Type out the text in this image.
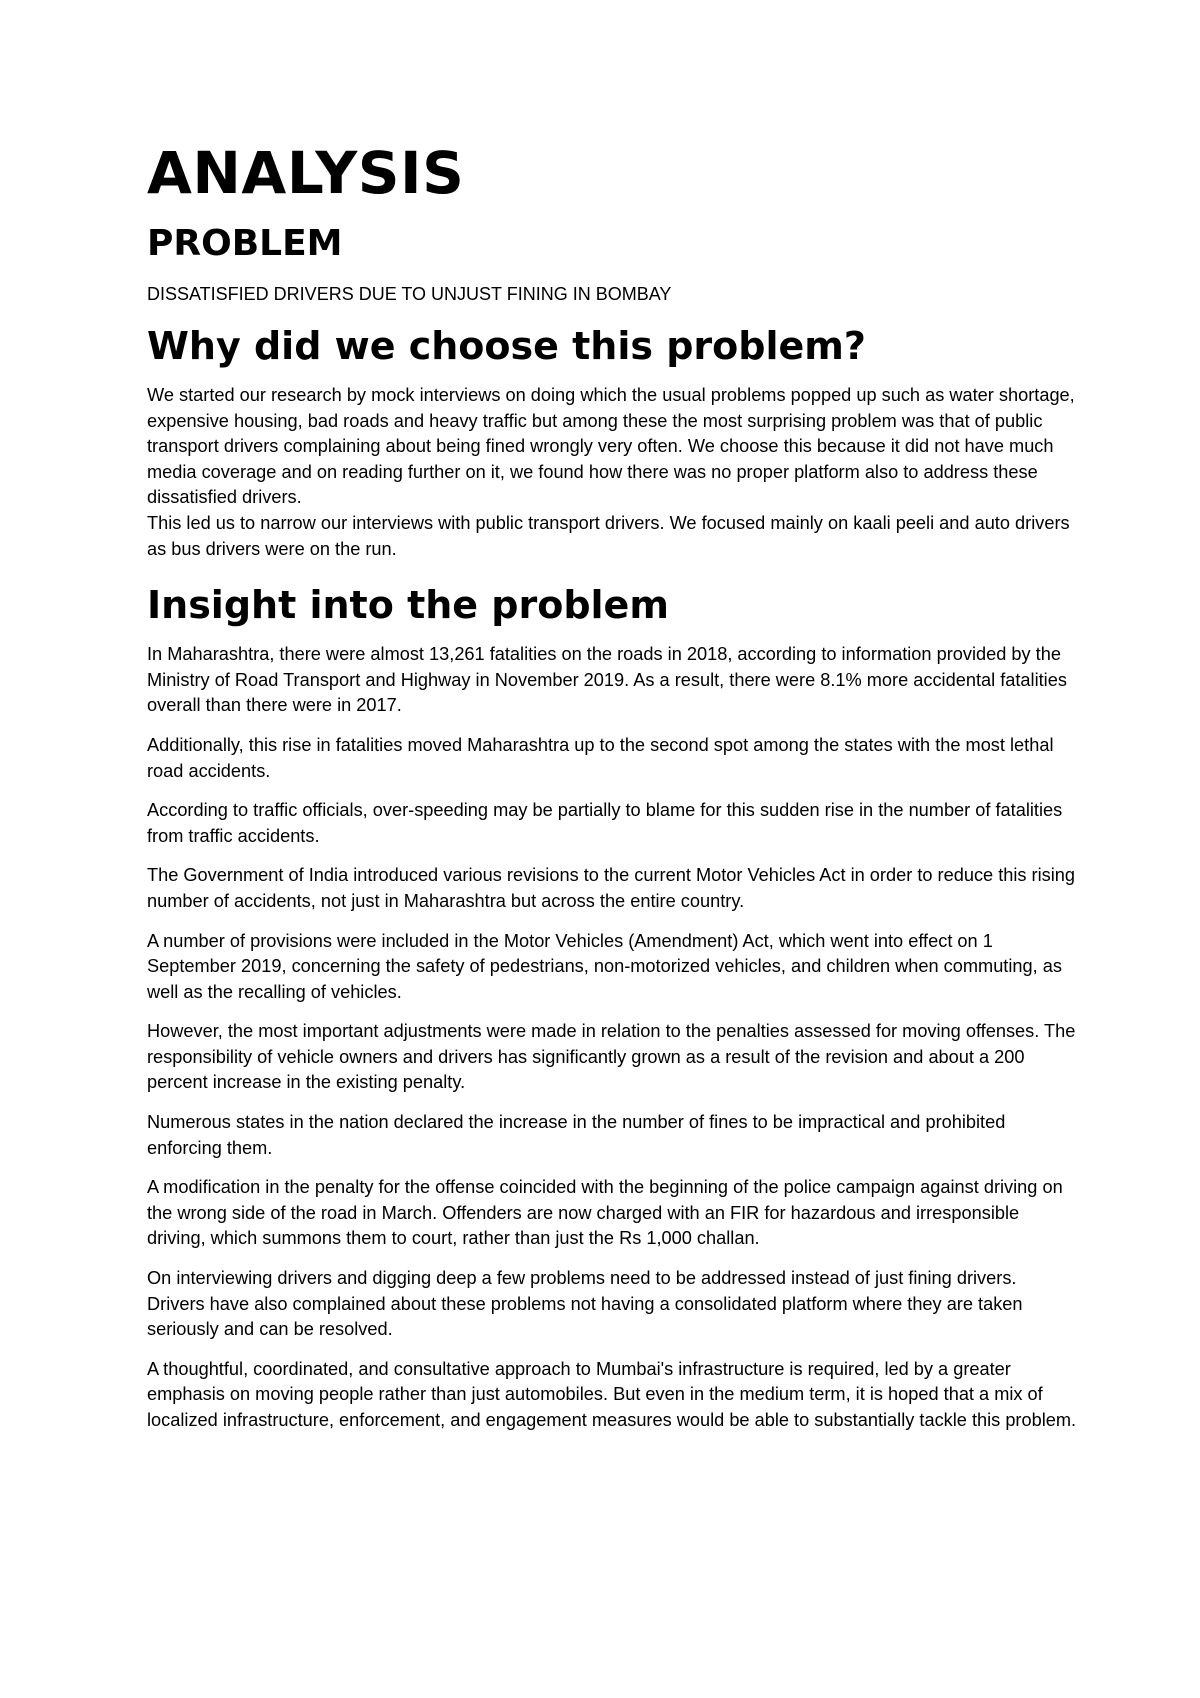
ANALYSIS
PROBLEM

DISSATISFIED DRIVERS DUE TO UNJUST FINING IN BOMBAY

Why did we choose this problem?

We started our research by mock interviews on doing which the usual problems popped up such as water shortage, expensive housing, bad roads and heavy traffic but among these the most surprising problem was that of public transport drivers complaining about being fined wrongly very often. We choose this because it did not have much media coverage and on reading further on it, we found how there was no proper platform also to address these dissatisfied drivers.

This led us to narrow our interviews with public transport drivers. We focused mainly on kaali peeli and auto drivers as bus drivers were on the run.

Insight into the problem

In Maharashtra, there were almost 13,261 fatalities on the roads in 2018, according to information provided by the Ministry of Road Transport and Highway in November 2019. As a result, there were 8.1% more accidental fatalities overall than there were in 2017.

Additionally, this rise in fatalities moved Maharashtra up to the second spot among the states with the most lethal road accidents.

According to traffic officials, over-speeding may be partially to blame for this sudden rise in the number of fatalities from traffic accidents.

The Government of India introduced various revisions to the current Motor Vehicles Act in order to reduce this rising number of accidents, not just in Maharashtra but across the entire country.

A number of provisions were included in the Motor Vehicles (Amendment) Act, which went into effect on 1 September 2019, concerning the safety of pedestrians, non-motorized vehicles, and children when commuting, as well as the recalling of vehicles.

However, the most important adjustments were made in relation to the penalties assessed for moving offenses. The responsibility of vehicle owners and drivers has significantly grown as a result of the revision and about a 200 percent increase in the existing penalty.

Numerous states in the nation declared the increase in the number of fines to be impractical and prohibited enforcing them.

A modification in the penalty for the offense coincided with the beginning of the police campaign against driving on the wrong side of the road in March. Offenders are now charged with an FIR for hazardous and irresponsible driving, which summons them to court, rather than just the Rs 1,000 challan.

On interviewing drivers and digging deep a few problems need to be addressed instead of just fining drivers. Drivers have also complained about these problems not having a consolidated platform where they are taken seriously and can be resolved.

A thoughtful, coordinated, and consultative approach to Mumbai's infrastructure is required, led by a greater emphasis on moving people rather than just automobiles. But even in the medium term, it is hoped that a mix of localized infrastructure, enforcement, and engagement measures would be able to substantially tackle this problem.
